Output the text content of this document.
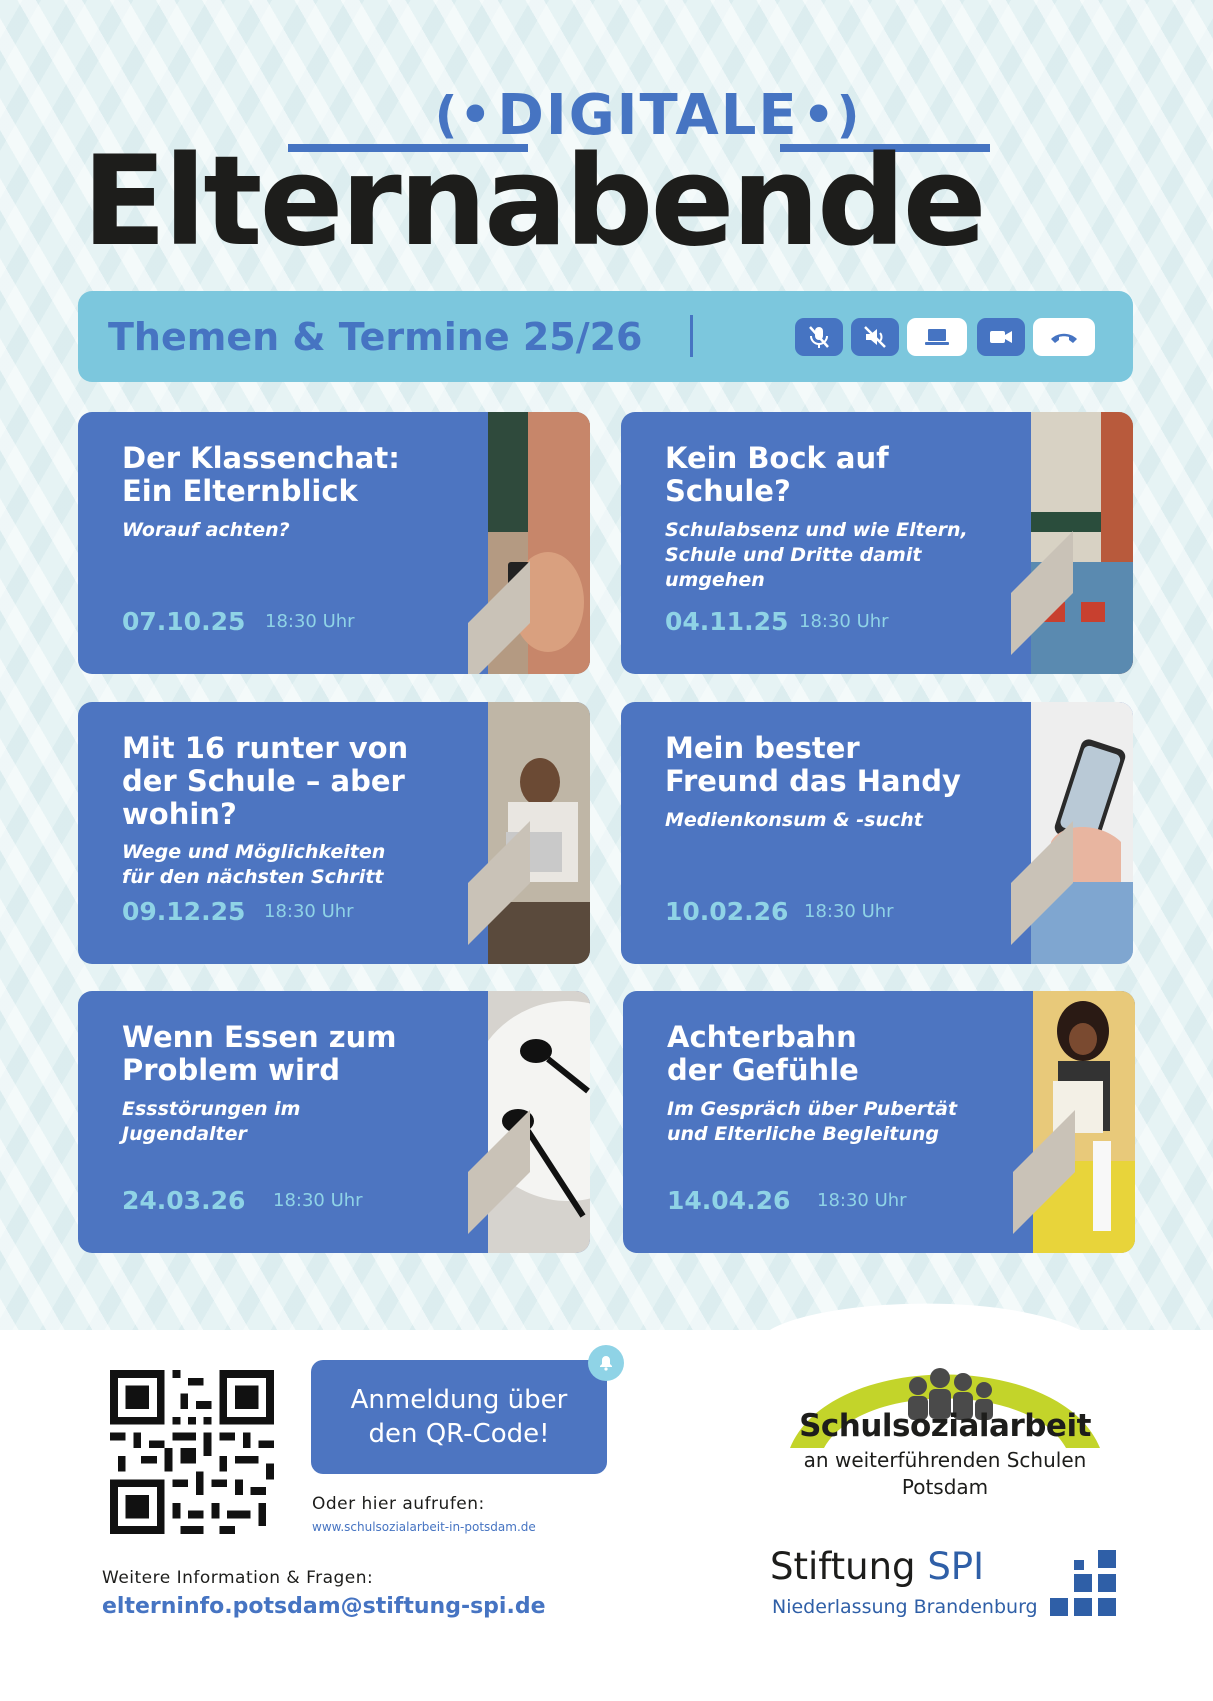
(• DIGITALE •)
Elternabende
Themen & Termine 25/26
Der Klassenchat:
Ein Elternblick
Worauf achten?
07.10.25 18:30 Uhr
Kein Bock auf
Schule?
Schulabsenz und wie Eltern,
Schule und Dritte damit
umgehen
04.11.25 18:30 Uhr
Mit 16 runter von
der Schule – aber
wohin?
Wege und Möglichkeiten
für den nächsten Schritt
09.12.25 18:30 Uhr
Mein bester
Freund das Handy
Medienkonsum & -sucht
10.02.26 18:30 Uhr
Wenn Essen zum
Problem wird
Essstörungen im
Jugendalter
24.03.26 18:30 Uhr
Achterbahn
der Gefühle
Im Gespräch über Pubertät
und Elterliche Begleitung
14.04.26 18:30 Uhr
Anmeldung über
den QR-Code!
Oder hier aufrufen:
www.schulsozialarbeit-in-potsdam.de
Weitere Information & Fragen:
elterninfo.potsdam@stiftung-spi.de
Schulsozialarbeit
an weiterführenden Schulen
Potsdam
Stiftung SPI
Niederlassung Brandenburg
